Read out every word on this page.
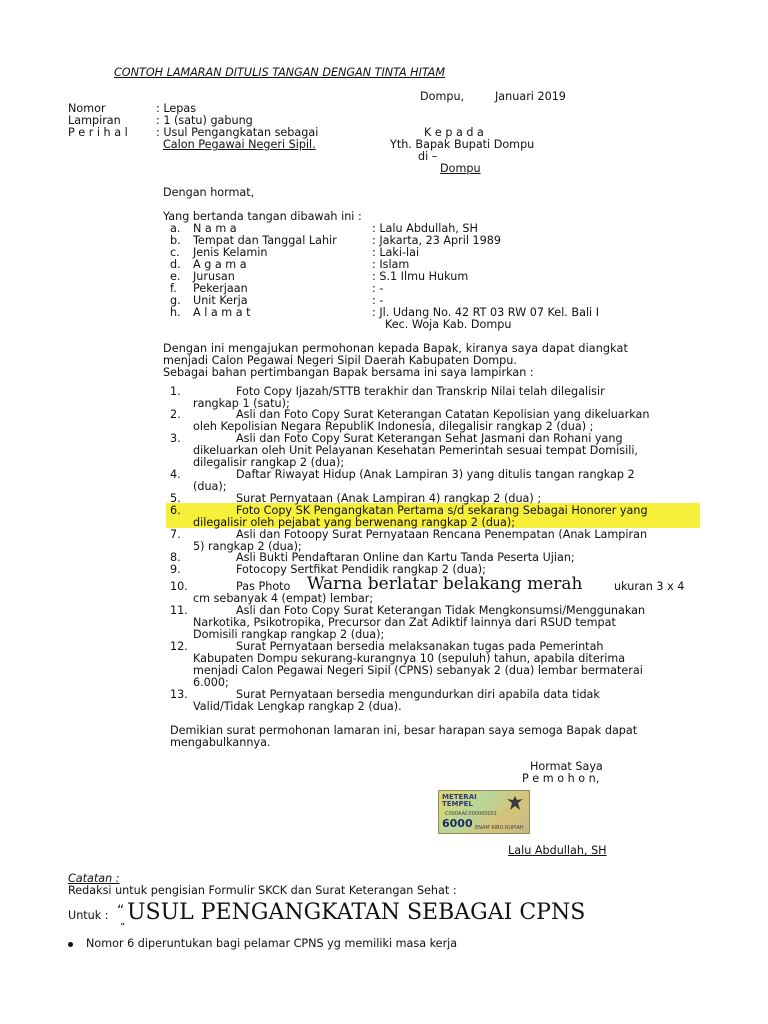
CONTOH LAMARAN DITULIS TANGAN DENGAN TINTA HITAM
Dompu,	Januari 2019
Nomor	: Lepas
Lampiran	: 1 (satu) gabung
P e r i h a l	: Usul Pengangkatan sebagai
Calon Pegawai Negeri Sipil.
K e p a d a
Yth. Bapak Bupati Dompu
di –
Dompu
Dengan hormat,
Yang bertanda tangan dibawah ini :
a. N a m a	: Lalu Abdullah, SH
b. Tempat dan Tanggal Lahir	: Jakarta, 23 April 1989
c. Jenis Kelamin	: Laki-lai
d. A g a m a	: Islam
e. Jurusan	: S.1 Ilmu Hukum
f. Pekerjaan	: -
g. Unit Kerja	: -
h. A l a m a t	: Jl. Udang No. 42 RT 03 RW 07 Kel. Bali I
Kec. Woja Kab. Dompu
Dengan ini mengajukan permohonan kepada Bapak, kiranya saya dapat diangkat
menjadi Calon Pegawai Negeri Sipil Daerah Kabupaten Dompu.
Sebagai bahan pertimbangan Bapak bersama ini saya lampirkan :
1.	Foto Copy Ijazah/STTB terakhir dan Transkrip Nilai telah dilegalisir
rangkap 1 (satu);
2.	Asli dan Foto Copy Surat Keterangan Catatan Kepolisian yang dikeluarkan
oleh Kepolisian Negara RepubliK Indonesia, dilegalisir rangkap 2 (dua) ;
3.	Asli dan Foto Copy Surat Keterangan Sehat Jasmani dan Rohani yang
dikeluarkan oleh Unit Pelayanan Kesehatan Pemerintah sesuai tempat Domisili,
dilegalisir rangkap 2 (dua);
4.	Daftar Riwayat Hidup (Anak Lampiran 3) yang ditulis tangan rangkap 2
(dua);
5.	Surat Pernyataan (Anak Lampiran 4) rangkap 2 (dua) ;
6.	Foto Copy SK Pengangkatan Pertama s/d sekarang Sebagai Honorer yang
dilegalisir oleh pejabat yang berwenang rangkap 2 (dua);
7.	Asli dan Fotoopy Surat Pernyataan Rencana Penempatan (Anak Lampiran
5) rangkap 2 (dua);
8.	Asli Bukti Pendaftaran Online dan Kartu Tanda Peserta Ujian;
9.	Fotocopy Sertfikat Pendidik rangkap 2 (dua);
10.	Pas Photo Warna berlatar belakang merah	ukuran 3 x 4
cm sebanyak 4 (empat) lembar;
11.	Asli dan Foto Copy Surat Keterangan Tidak Mengkonsumsi/Menggunakan
Narkotika, Psikotropika, Precursor dan Zat Adiktif lainnya dari RSUD tempat
Domisili rangkap rangkap 2 (dua);
12.	Surat Pernyataan bersedia melaksanakan tugas pada Pemerintah
Kabupaten Dompu sekurang-kurangnya 10 (sepuluh) tahun, apabila diterima
menjadi Calon Pegawai Negeri Sipil (CPNS) sebanyak 2 (dua) lembar bermaterai
6.000;
13.	Surat Pernyataan bersedia mengundurkan diri apabila data tidak
Valid/Tidak Lengkap rangkap 2 (dua).
Demikian surat permohonan lamaran ini, besar harapan saya semoga Bapak dapat
mengabulkannya.
Hormat Saya
P e m o h o n,
METERAI
TEMPEL
C000AAC000000001
6000 ENAM RIBU RUPIAH
Lalu Abdullah, SH
Catatan :
Redaksi untuk pengisian Formulir SKCK dan Surat Keterangan Sehat :
Untuk : “ USUL PENGANGKATAN SEBAGAI CPNS
”
Nomor 6 diperuntukan bagi pelamar CPNS yg memiliki masa kerja
